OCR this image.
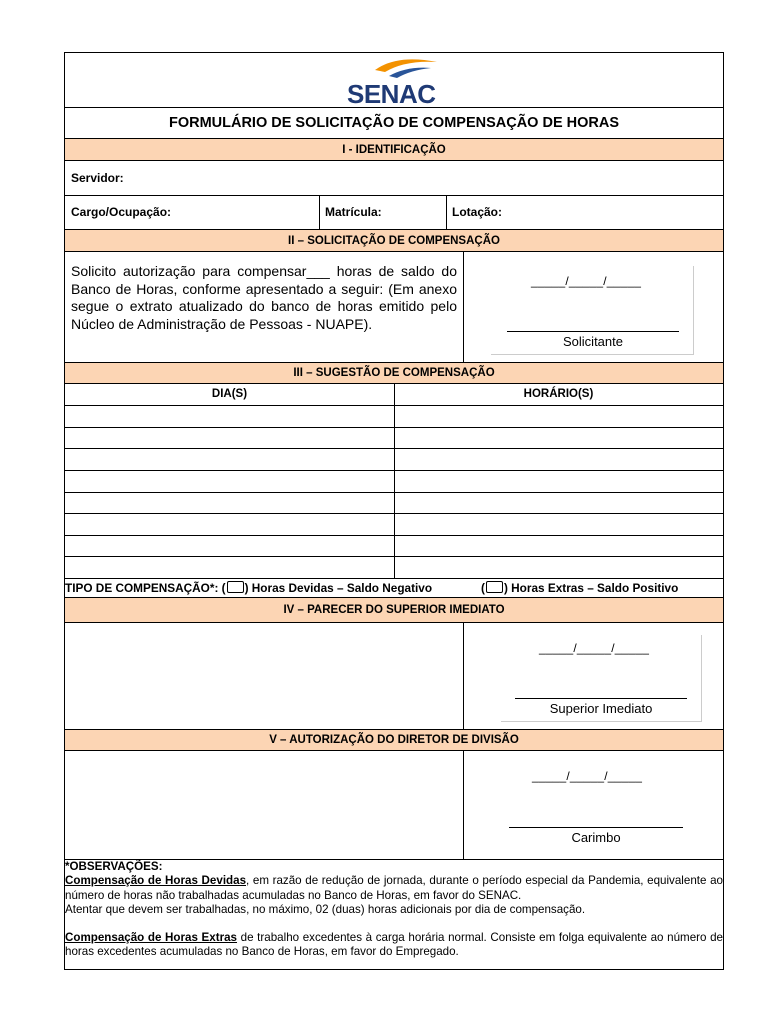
SENAC
FORMULÁRIO DE SOLICITAÇÃO DE COMPENSAÇÃO DE HORAS
I - IDENTIFICAÇÃO
Servidor:
Cargo/Ocupação:	Matrícula:	Lotação:
II – SOLICITAÇÃO DE COMPENSAÇÃO
Solicito autorização para compensar___ horas de saldo do Banco de Horas, conforme apresentado a seguir: (Em anexo segue o extrato atualizado do banco de horas emitido pelo Núcleo de Administração de Pessoas - NUAPE).
_____/_____/_____
Solicitante
III – SUGESTÃO DE COMPENSAÇÃO
DIA(S)	HORÁRIO(S)
TIPO DE COMPENSAÇÃO*: ( ) Horas Devidas – Saldo Negativo	( ) Horas Extras – Saldo Positivo
IV – PARECER DO SUPERIOR IMEDIATO
_____/_____/_____
Superior Imediato
V – AUTORIZAÇÃO DO DIRETOR DE DIVISÃO
_____/_____/_____
Carimbo
*OBSERVAÇÕES:
Compensação de Horas Devidas, em razão de redução de jornada, durante o período especial da Pandemia, equivalente ao número de horas não trabalhadas acumuladas no Banco de Horas, em favor do SENAC.
Atentar que devem ser trabalhadas, no máximo, 02 (duas) horas adicionais por dia de compensação.
Compensação de Horas Extras de trabalho excedentes à carga horária normal. Consiste em folga equivalente ao número de horas excedentes acumuladas no Banco de Horas, em favor do Empregado.
